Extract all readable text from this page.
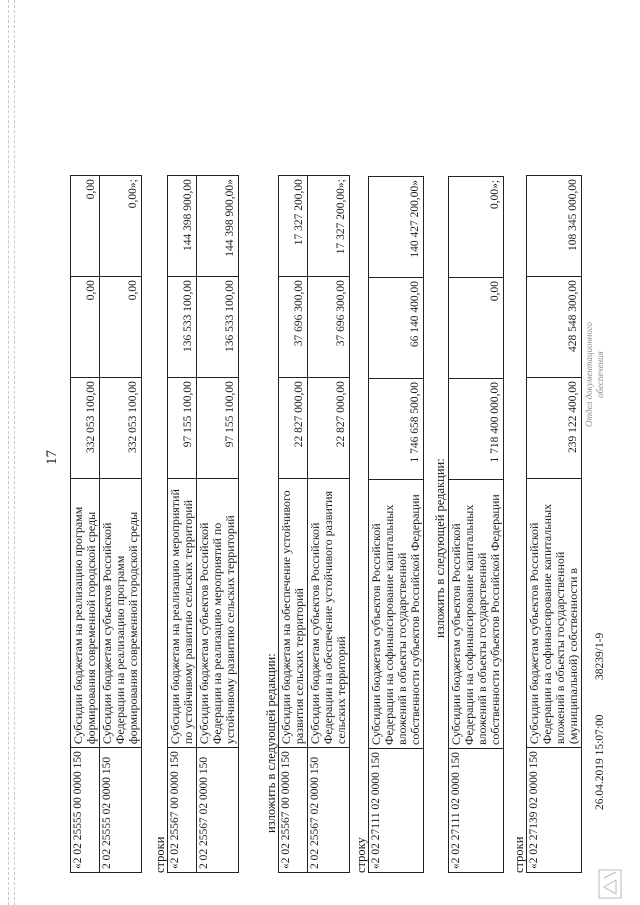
17
«2 02 25555 00 0000 150	Субсидии бюджетам на реализацию программ формирования современной городской среды	332 053 100,00	0,00	0,00
2 02 25555 02 0000 150	Субсидии бюджетам субъектов Российской Федерации на реализацию программ формирования современной городской среды	332 053 100,00	0,00	0,00»;
строки «2 02 25567 00 0000 150	Субсидии бюджетам на реализацию мероприятий по устойчивому развитию сельских территорий	97 155 100,00	136 533 100,00	144 398 900,00
2 02 25567 02 0000 150	Субсидии бюджетам субъектов Российской Федерации на реализацию мероприятий по устойчивому развитию сельских территорий	97 155 100,00	136 533 100,00	144 398 900,00»
изложить в следующей редакции: «2 02 25567 00 0000 150	Субсидии бюджетам на обеспечение устойчивого развития сельских территорий	22 827 000,00	37 696 300,00	17 327 200,00
2 02 25567 02 0000 150	Субсидии бюджетам субъектов Российской Федерации на обеспечение устойчивого развития сельских территорий	22 827 000,00	37 696 300,00	17 327 200,00»;
строку «2 02 27111 02 0000 150	Субсидии бюджетам субъектов Российской Федерации на софинансирование капитальных вложений в объекты государственной собственности субъектов Российской Федерации	1 746 658 500,00	66 140 400,00	140 427 200,00»
изложить в следующей редакции:
«2 02 27111 02 0000 150	Субсидии бюджетам субъектов Российской Федерации на софинансирование капитальных вложений в объекты государственной собственности субъектов Российской Федерации	1 718 400 000,00	0,00	0,00»;
строки «2 02 27139 02 0000 150	Субсидии бюджетам субъектов Российской Федерации на софинансирование капитальных вложений в объекты государственной (муниципальной) собственности в	239 122 400,00	428 548 300,00	108 345 000,00
26.04.2019 15:07:00
38239/1-9
Отдел документационного обеспечения
